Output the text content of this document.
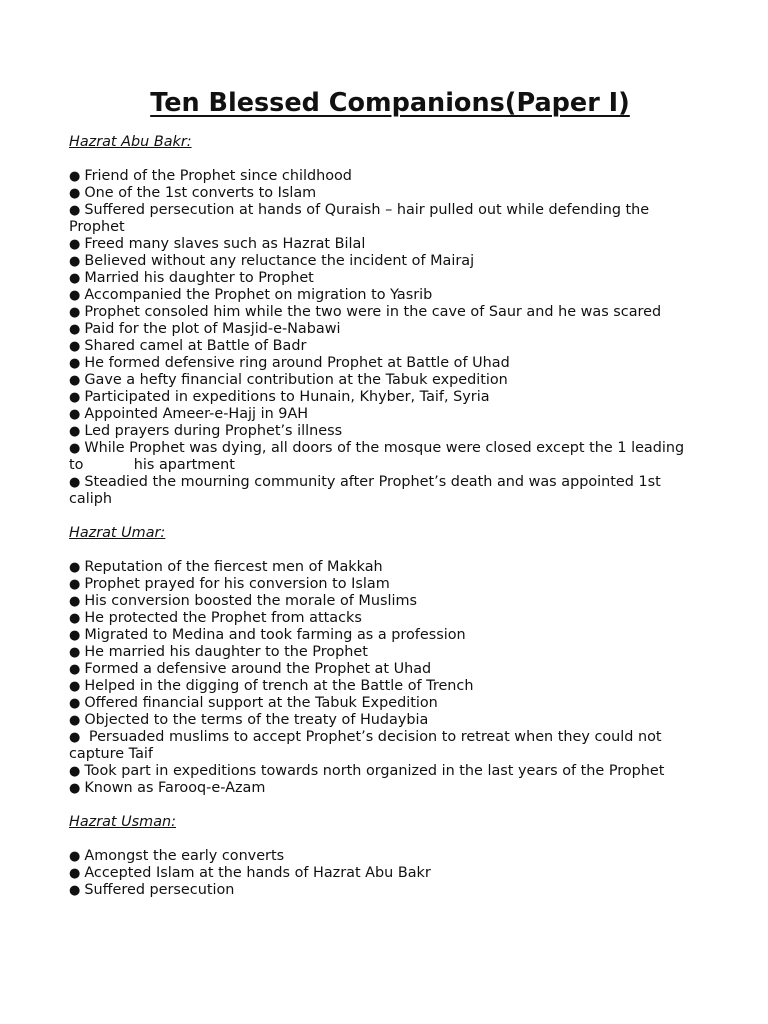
Ten Blessed Companions(Paper I)
Hazrat Abu Bakr:
● Friend of the Prophet since childhood
● One of the 1st converts to Islam
● Suffered persecution at hands of Quraish – hair pulled out while defending the Prophet
● Freed many slaves such as Hazrat Bilal
● Believed without any reluctance the incident of Mairaj
● Married his daughter to Prophet
● Accompanied the Prophet on migration to Yasrib
● Prophet consoled him while the two were in the cave of Saur and he was scared
● Paid for the plot of Masjid-e-Nabawi
● Shared camel at Battle of Badr
● He formed defensive ring around Prophet at Battle of Uhad
● Gave a hefty financial contribution at the Tabuk expedition
● Participated in expeditions to Hunain, Khyber, Taif, Syria
● Appointed Ameer-e-Hajj in 9AH
● Led prayers during Prophet’s illness
● While Prophet was dying, all doors of the mosque were closed except the 1 leading to           his apartment
● Steadied the mourning community after Prophet’s death and was appointed 1st caliph
Hazrat Umar:
● Reputation of the fiercest men of Makkah
● Prophet prayed for his conversion to Islam
● His conversion boosted the morale of Muslims
● He protected the Prophet from attacks
● Migrated to Medina and took farming as a profession
● He married his daughter to the Prophet
● Formed a defensive around the Prophet at Uhad
● Helped in the digging of trench at the Battle of Trench
● Offered financial support at the Tabuk Expedition
● Objected to the terms of the treaty of Hudaybia
● Persuaded muslims to accept Prophet’s decision to retreat when they could not capture Taif
● Took part in expeditions towards north organized in the last years of the Prophet
● Known as Farooq-e-Azam
Hazrat Usman:
● Amongst the early converts
● Accepted Islam at the hands of Hazrat Abu Bakr
● Suffered persecution
